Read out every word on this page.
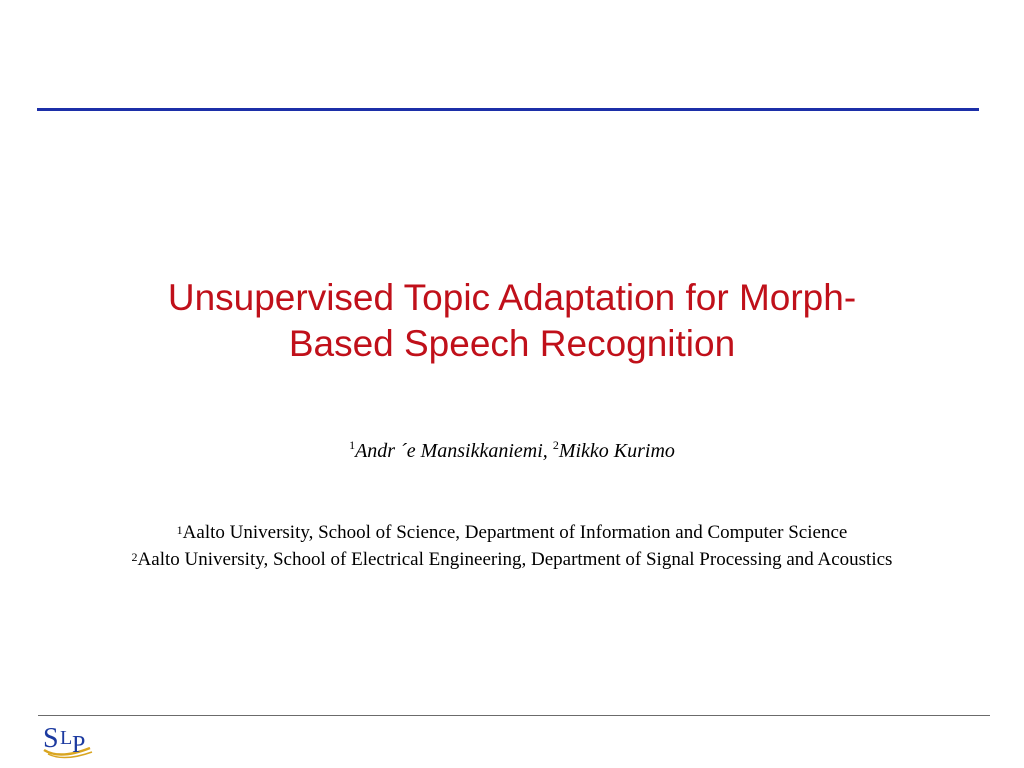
Unsupervised Topic Adaptation for Morph-
Based Speech Recognition
$^1$Andr ´e Mansikkaniemi, $^2$Mikko Kurimo
$^1$Aalto University, School of Science, Department of Information and Computer Science
$^2$Aalto University, School of Electrical Engineering, Department of Signal Processing and Acoustics
S L P
